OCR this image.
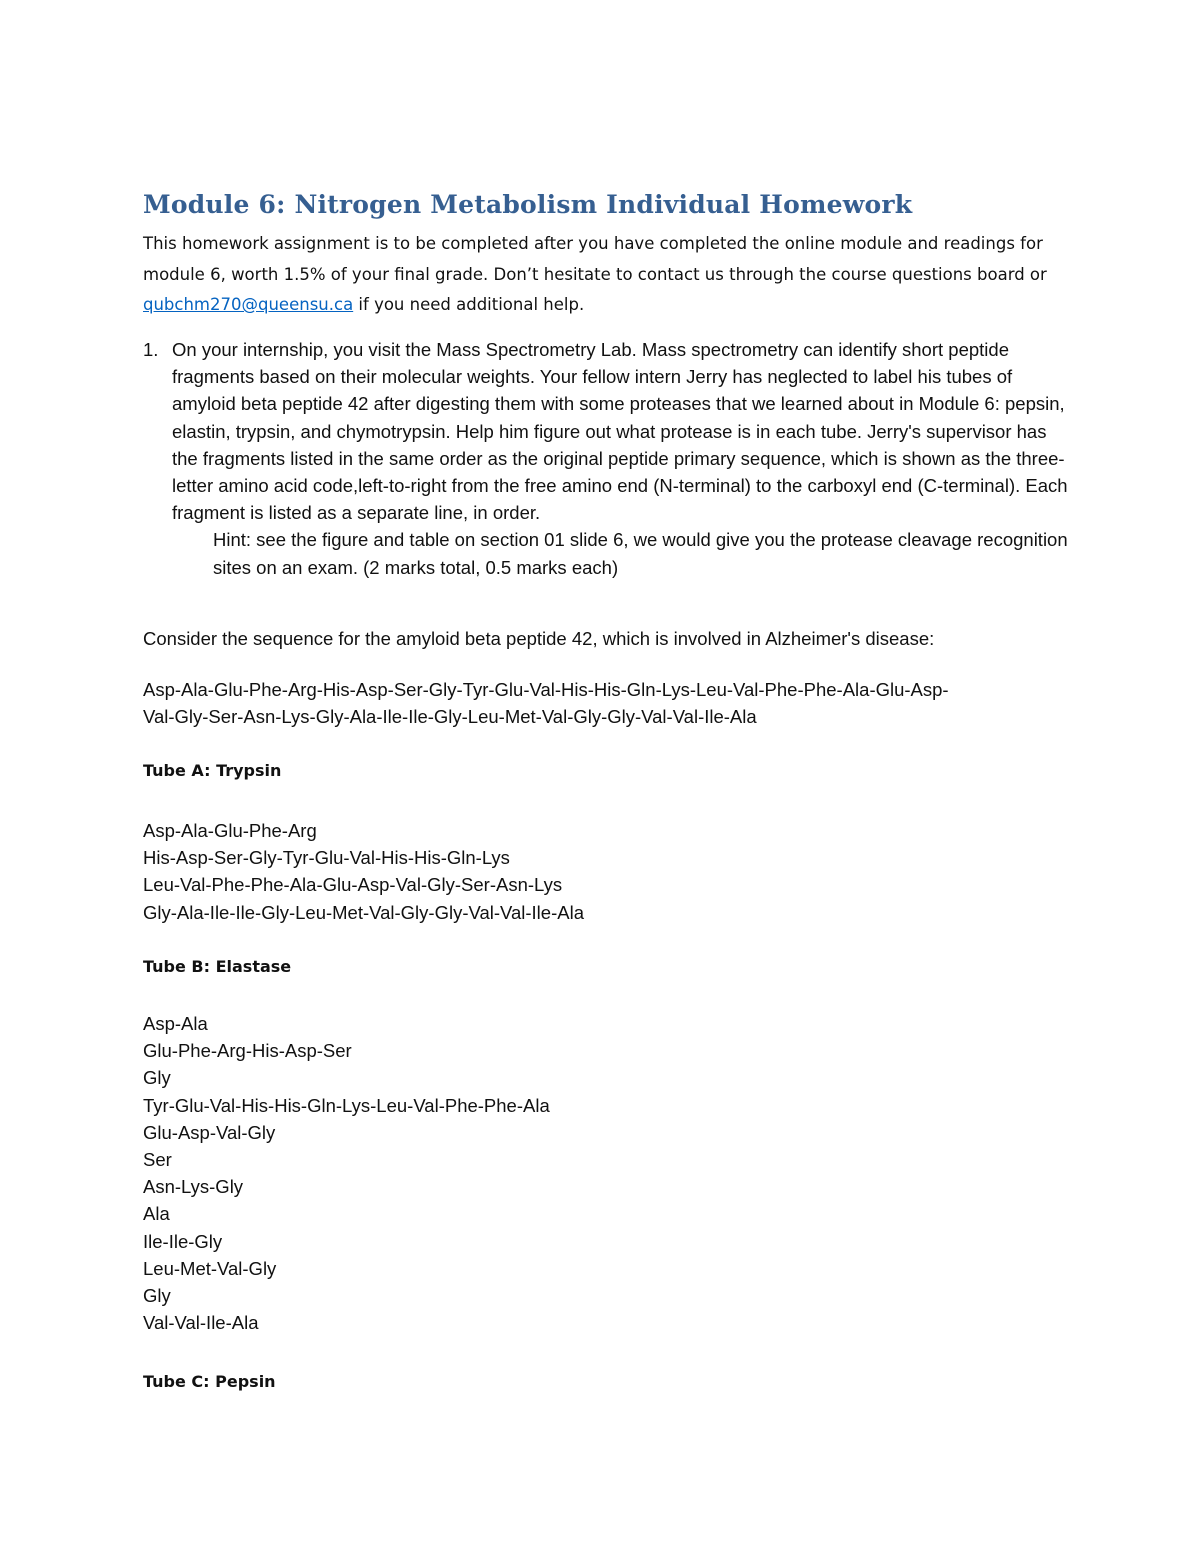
Module 6: Nitrogen Metabolism Individual Homework
This homework assignment is to be completed after you have completed the online module and readings for module 6, worth 1.5% of your final grade. Don’t hesitate to contact us through the course questions board or qubchm270@queensu.ca if you need additional help.
1. On your internship, you visit the Mass Spectrometry Lab. Mass spectrometry can identify short peptide fragments based on their molecular weights. Your fellow intern Jerry has neglected to label his tubes of amyloid beta peptide 42 after digesting them with some proteases that we learned about in Module 6: pepsin, elastin, trypsin, and chymotrypsin. Help him figure out what protease is in each tube. Jerry's supervisor has the fragments listed in the same order as the original peptide primary sequence, which is shown as the three-letter amino acid code,left-to-right from the free amino end (N-terminal) to the carboxyl end (C-terminal). Each fragment is listed as a separate line, in order.
Hint: see the figure and table on section 01 slide 6, we would give you the protease cleavage recognition sites on an exam. (2 marks total, 0.5 marks each)
Consider the sequence for the amyloid beta peptide 42, which is involved in Alzheimer's disease:
Asp-Ala-Glu-Phe-Arg-His-Asp-Ser-Gly-Tyr-Glu-Val-His-His-Gln-Lys-Leu-Val-Phe-Phe-Ala-Glu-Asp-
Val-Gly-Ser-Asn-Lys-Gly-Ala-Ile-Ile-Gly-Leu-Met-Val-Gly-Gly-Val-Val-Ile-Ala
Tube A: Trypsin
Asp-Ala-Glu-Phe-Arg
His-Asp-Ser-Gly-Tyr-Glu-Val-His-His-Gln-Lys
Leu-Val-Phe-Phe-Ala-Glu-Asp-Val-Gly-Ser-Asn-Lys
Gly-Ala-Ile-Ile-Gly-Leu-Met-Val-Gly-Gly-Val-Val-Ile-Ala
Tube B: Elastase
Asp-Ala
Glu-Phe-Arg-His-Asp-Ser
Gly
Tyr-Glu-Val-His-His-Gln-Lys-Leu-Val-Phe-Phe-Ala
Glu-Asp-Val-Gly
Ser
Asn-Lys-Gly
Ala
Ile-Ile-Gly
Leu-Met-Val-Gly
Gly
Val-Val-Ile-Ala
Tube C: Pepsin
